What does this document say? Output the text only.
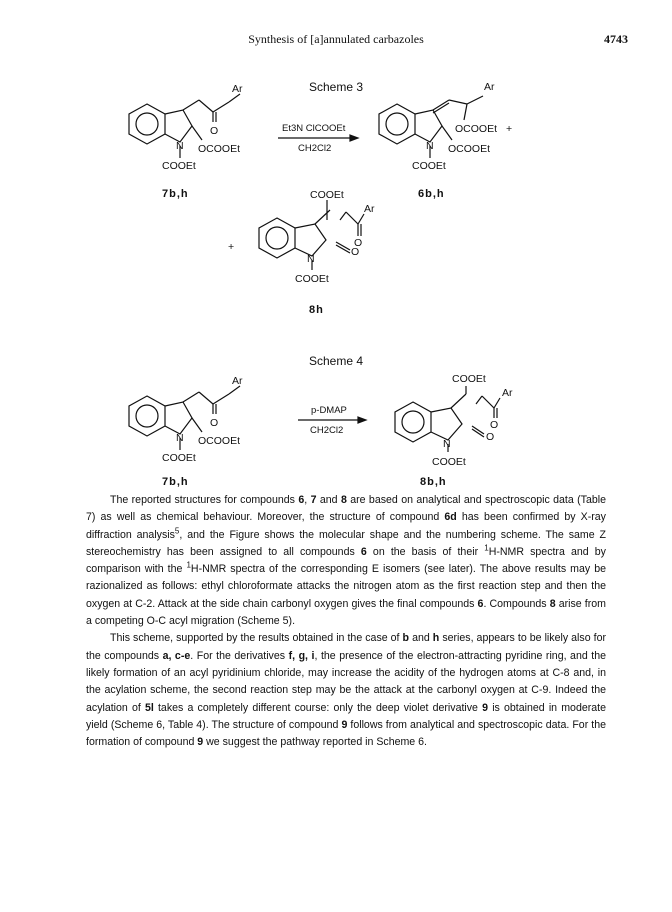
Synthesis of [a]annulated carbazoles	4743
Scheme 3
Ar
O
N OCOOEt
COOEt
7b,h
Et3N ClCOOEt
CH2Cl2
Ar
OCOOEt +
N OCOOEt
COOEt
6b,h
+
COOEt
Ar
O
N
O
COOEt
8h
Scheme 4
Ar
O
N OCOOEt
COOEt
7b,h
p-DMAP
CH2Cl2
COOEt
Ar
O
N
O
COOEt
8b,h

The reported structures for compounds 6, 7 and 8 are based on analytical and spectroscopic data (Table 7) as well as chemical behaviour. Moreover, the structure of compound 6d has been confirmed by X-ray diffraction analysis$^5$, and the Figure shows the molecular shape and the numbering scheme. The same Z stereochemistry has been assigned to all compounds 6 on the basis of their $^1$H-NMR spectra and by comparison with the $^1$H-NMR spectra of the corresponding E isomers (see later). The above results may be razionalized as follows: ethyl chloroformate attacks the nitrogen atom as the first reaction step and then the oxygen at C-2. Attack at the side chain carbonyl oxygen gives the final compounds 6. Compounds 8 arise from a competing O-C acyl migration (Scheme 5).

This scheme, supported by the results obtained in the case of b and h series, appears to be likely also for the compounds a, c-e. For the derivatives f, g, i, the presence of the electron-attracting pyridine ring, and the likely formation of an acyl pyridinium chloride, may increase the acidity of the hydrogen atoms at C-8 and, in the acylation scheme, the second reaction step may be the attack at the carbonyl oxygen at C-9. Indeed the acylation of 5l takes a completely different course: only the deep violet derivative 9 is obtained in moderate yield (Scheme 6, Table 4). The structure of compound 9 follows from analytical and spectroscopic data. For the formation of compound 9 we suggest the pathway reported in Scheme 6.
